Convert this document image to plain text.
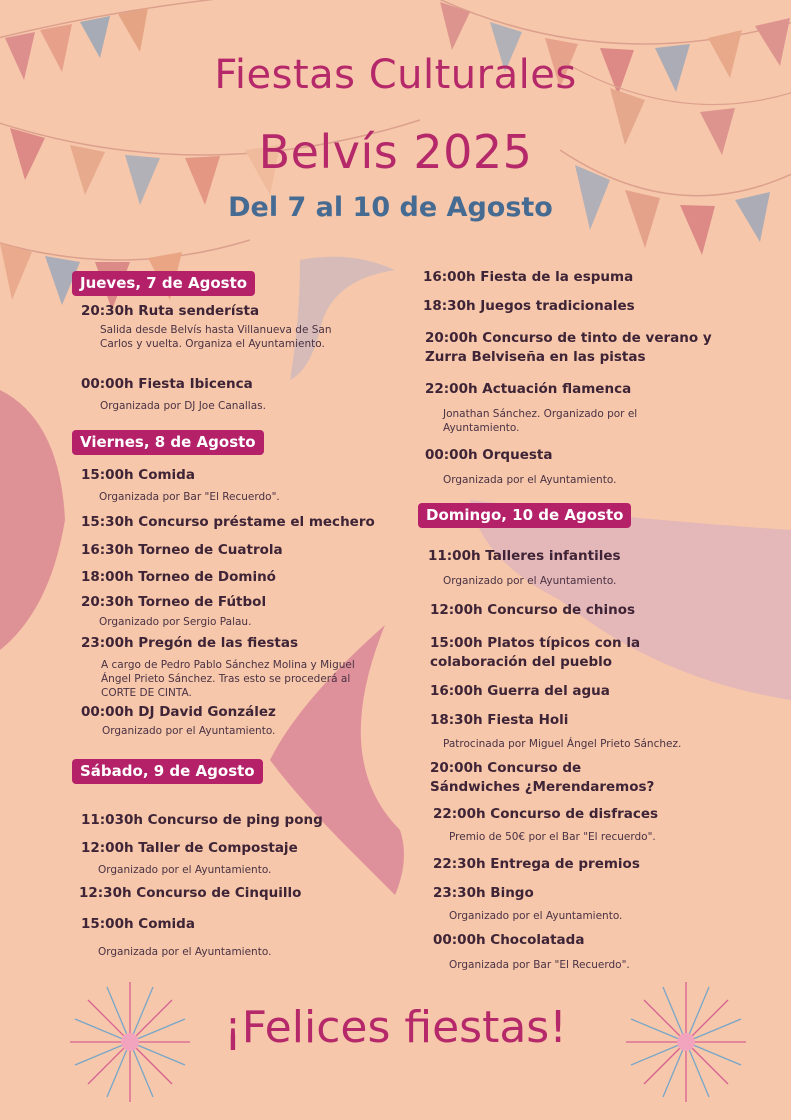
Fiestas Culturales
Belvís 2025
Del 7 al 10 de Agosto
Jueves, 7 de Agosto
20:30h Ruta senderísta
Salida desde Belvís hasta Villanueva de San Carlos y vuelta. Organiza el Ayuntamiento.
00:00h Fiesta Ibicenca
Organizada por DJ Joe Canallas.
Viernes, 8 de Agosto
15:00h Comida
Organizada por Bar "El Recuerdo".
15:30h Concurso préstame el mechero
16:30h Torneo de Cuatrola
18:00h Torneo de Dominó
20:30h Torneo de Fútbol
Organizado por Sergio Palau.
23:00h Pregón de las fiestas
A cargo de Pedro Pablo Sánchez Molina y Miguel Ángel Prieto Sánchez. Tras esto se procederá al CORTE DE CINTA.
00:00h DJ David González
Organizado por el Ayuntamiento.
Sábado, 9 de Agosto
11:030h Concurso de ping pong
12:00h Taller de Compostaje
Organizado por el Ayuntamiento.
12:30h Concurso de Cinquillo
15:00h Comida
Organizada por el Ayuntamiento.
16:00h Fiesta de la espuma
18:30h Juegos tradicionales
20:00h Concurso de tinto de verano y Zurra Belviseña en las pistas
22:00h Actuación flamenca
Jonathan Sánchez. Organizado por el Ayuntamiento.
00:00h Orquesta
Organizada por el Ayuntamiento.
Domingo, 10 de Agosto
11:00h Talleres infantiles
Organizado por el Ayuntamiento.
12:00h Concurso de chinos
15:00h Platos típicos con la colaboración del pueblo
16:00h Guerra del agua
18:30h Fiesta Holi
Patrocinada por Miguel Ángel Prieto Sánchez.
20:00h Concurso de Sándwiches ¿Merendaremos?
22:00h Concurso de disfraces
Premio de 50€ por el Bar "El recuerdo".
22:30h Entrega de premios
23:30h Bingo
Organizado por el Ayuntamiento.
00:00h Chocolatada
Organizada por Bar "El Recuerdo".
¡Felices fiestas!
